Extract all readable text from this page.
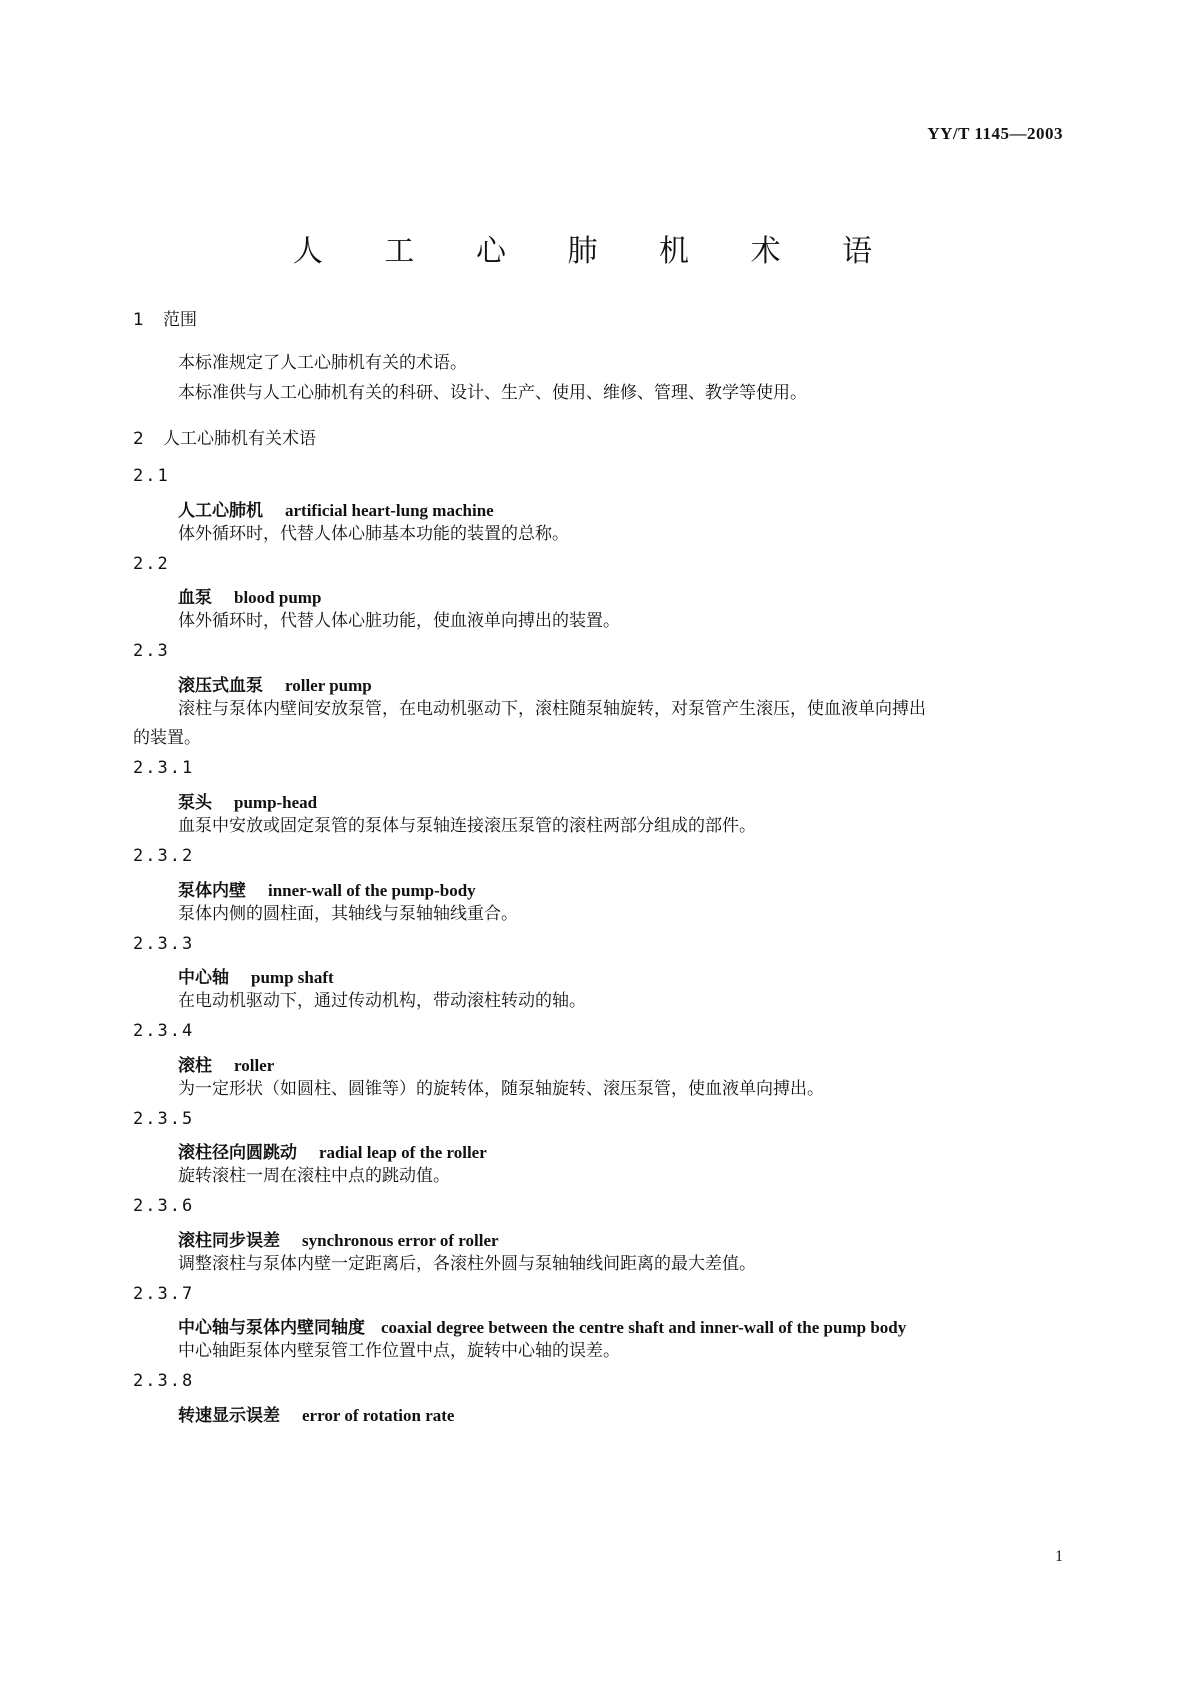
YY/T 1145—2003
人 工 心 肺 机 术 语
1 范围
本标准规定了人工心肺机有关的术语。
本标准供与人工心肺机有关的科研、设计、生产、使用、维修、管理、教学等使用。
2 人工心肺机有关术语
2.1
人工心肺机 artificial heart-lung machine
体外循环时，代替人体心肺基本功能的装置的总称。
2.2
血泵 blood pump
体外循环时，代替人体心脏功能，使血液单向搏出的装置。
2.3
滚压式血泵 roller pump
滚柱与泵体内壁间安放泵管，在电动机驱动下，滚柱随泵轴旋转，对泵管产生滚压，使血液单向搏出
的装置。
2.3.1
泵头 pump-head
血泵中安放或固定泵管的泵体与泵轴连接滚压泵管的滚柱两部分组成的部件。
2.3.2
泵体内壁 inner-wall of the pump-body
泵体内侧的圆柱面，其轴线与泵轴轴线重合。
2.3.3
中心轴 pump shaft
在电动机驱动下，通过传动机构，带动滚柱转动的轴。
2.3.4
滚柱 roller
为一定形状（如圆柱、圆锥等）的旋转体，随泵轴旋转、滚压泵管，使血液单向搏出。
2.3.5
滚柱径向圆跳动 radial leap of the roller
旋转滚柱一周在滚柱中点的跳动值。
2.3.6
滚柱同步误差 synchronous error of roller
调整滚柱与泵体内壁一定距离后，各滚柱外圆与泵轴轴线间距离的最大差值。
2.3.7
中心轴与泵体内壁同轴度 coaxial degree between the centre shaft and inner-wall of the pump body
中心轴距泵体内壁泵管工作位置中点，旋转中心轴的误差。
2.3.8
转速显示误差 error of rotation rate
1
